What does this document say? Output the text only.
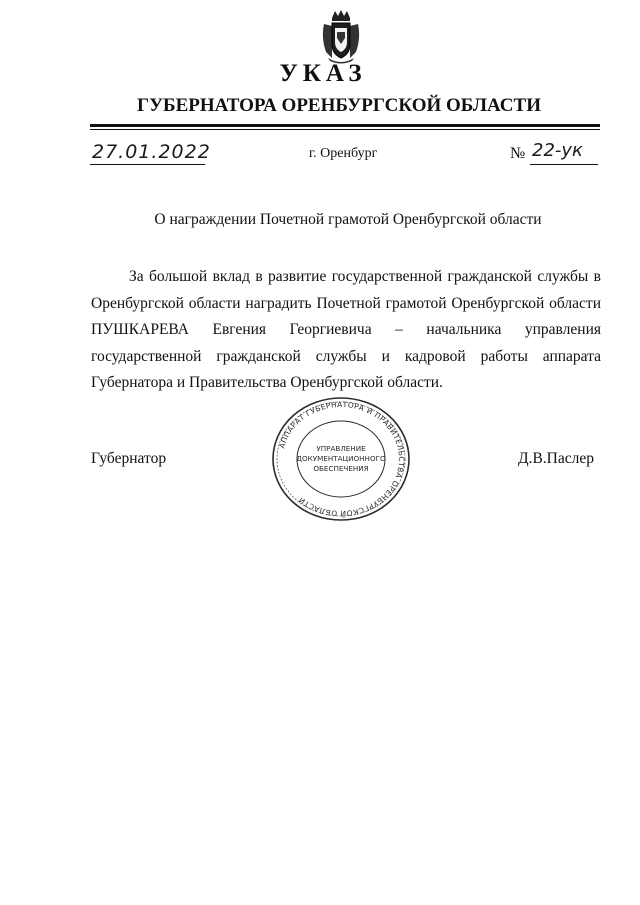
УКАЗ
ГУБЕРНАТОРА ОРЕНБУРГСКОЙ ОБЛАСТИ
27.01.2022	г. Оренбург	№ 22-ук
О награждении Почетной грамотой Оренбургской области

За большой вклад в развитие государственной гражданской службы в Оренбургской области наградить Почетной грамотой Оренбургской области ПУШКАРЕВА Евгения Георгиевича – начальника управления государственной гражданской службы и кадровой работы аппарата Губернатора и Правительства Оренбургской области.

Губернатор	Д.В.Паслер
АППАРАТ ГУБЕРНАТОРА И ПРАВИТЕЛЬСТВА ОРЕНБУРГСКОЙ ОБЛАСТИ
УПРАВЛЕНИЕ
ДОКУМЕНТАЦИОННОГО
ОБЕСПЕЧЕНИЯ
